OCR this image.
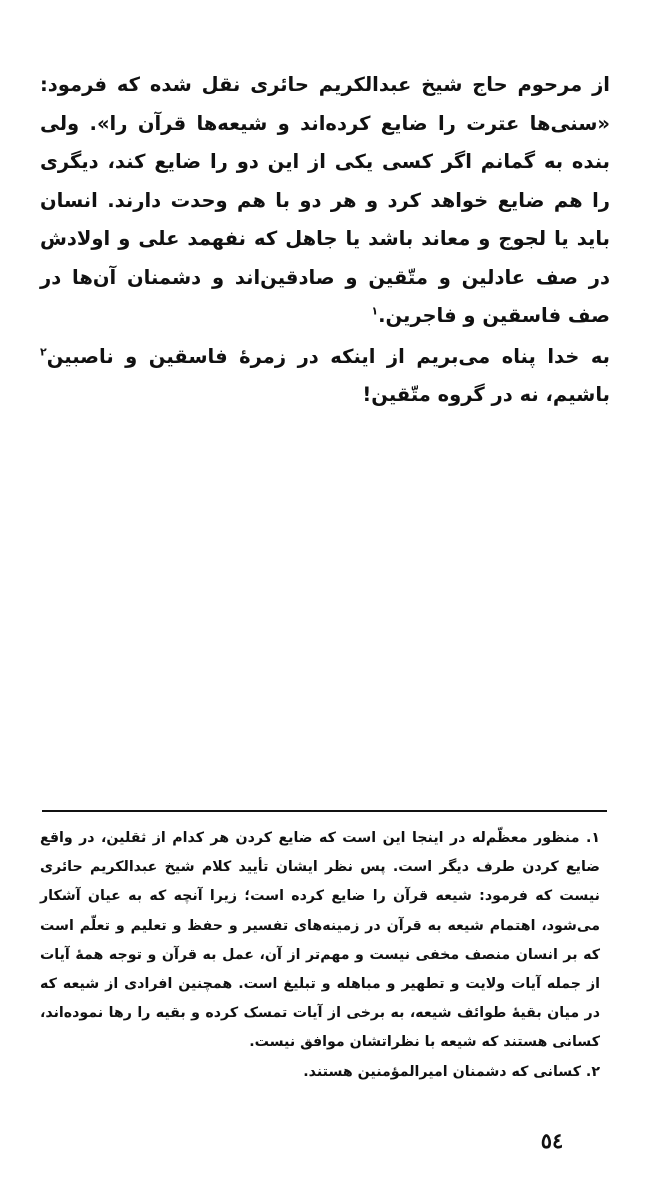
از مرحوم حاج شیخ عبدالکریم حائری نقل شده که فرمود: «سنی‌ها عترت را ضایع کرده‌اند و شیعه‌ها قرآن را». ولی بنده به گمانم اگر کسی یکی از این دو را ضایع کند، دیگری را هم ضایع خواهد کرد و هر دو با هم وحدت دارند. انسان باید یا لجوج و معاند باشد یا جاهل که نفهمد علی و اولادش در صف عادلین و متّقین و صادقین‌اند و دشمنان آن‌ها در صف فاسقین و فاجرین.$^١$

به خدا پناه می‌بریم از اینکه در زمرهٔ فاسقین و ناصبین$^٢$ باشیم، نه در گروه متّقین!

١. منظور معظّم‌له در اینجا این است که ضایع کردن هر کدام از ثقلین، در واقع ضایع کردن طرف دیگر است. پس نظر ایشان تأیید کلام شیخ عبدالکریم حائری نیست که فرمود: شیعه قرآن را ضایع کرده است؛ زیرا آنچه که به عیان آشکار می‌شود، اهتمام شیعه به قرآن در زمینه‌های تفسیر و حفظ و تعلیم و تعلّم است که بر انسان منصف مخفی نیست و مهم‌تر از آن، عمل به قرآن و توجه همهٔ آیات از جمله آیات ولایت و تطهیر و مباهله و تبلیغ است. همچنین افرادی از شیعه که در میان بقیهٔ طوائف شیعه، به برخی از آیات تمسک کرده و بقیه را رها نموده‌اند، کسانی هستند که شیعه با نظراتشان موافق نیست.

٢. کسانی که دشمنان امیرالمؤمنین هستند.

٥٤
